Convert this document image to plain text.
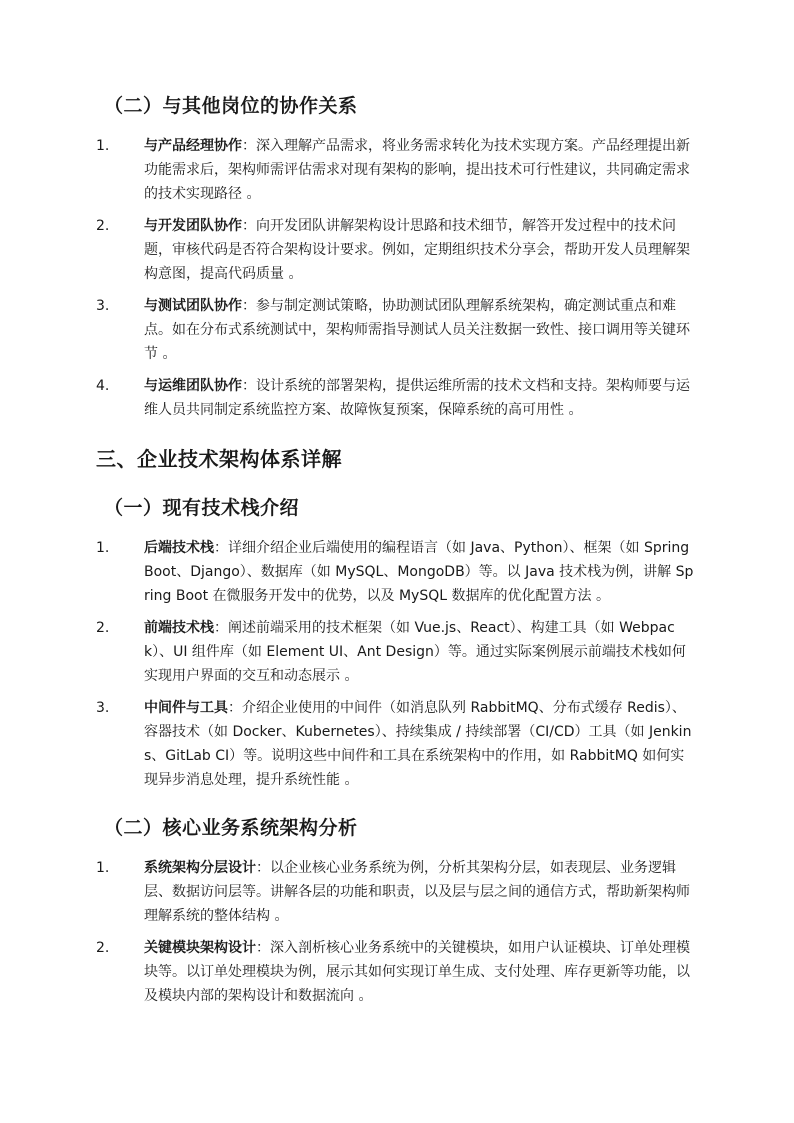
（二）与其他岗位的协作关系
1.	与产品经理协作：深入理解产品需求，将业务需求转化为技术实现方案。产品经理提出新功能需求后，架构师需评估需求对现有架构的影响，提出技术可行性建议，共同确定需求的技术实现路径 。
2.	与开发团队协作：向开发团队讲解架构设计思路和技术细节，解答开发过程中的技术问题，审核代码是否符合架构设计要求。例如，定期组织技术分享会，帮助开发人员理解架构意图，提高代码质量 。
3.	与测试团队协作：参与制定测试策略，协助测试团队理解系统架构，确定测试重点和难点。如在分布式系统测试中，架构师需指导测试人员关注数据一致性、接口调用等关键环节 。
4.	与运维团队协作：设计系统的部署架构，提供运维所需的技术文档和支持。架构师要与运维人员共同制定系统监控方案、故障恢复预案，保障系统的高可用性 。
三、企业技术架构体系详解
（一）现有技术栈介绍
1.	后端技术栈：详细介绍企业后端使用的编程语言（如 Java、Python）、框架（如 Spring Boot、Django）、数据库（如 MySQL、MongoDB）等。以 Java 技术栈为例，讲解 Spring Boot 在微服务开发中的优势，以及 MySQL 数据库的优化配置方法 。
2.	前端技术栈：阐述前端采用的技术框架（如 Vue.js、React）、构建工具（如 Webpack）、UI 组件库（如 Element UI、Ant Design）等。通过实际案例展示前端技术栈如何实现用户界面的交互和动态展示 。
3.	中间件与工具：介绍企业使用的中间件（如消息队列 RabbitMQ、分布式缓存 Redis）、容器技术（如 Docker、Kubernetes）、持续集成 / 持续部署（CI/CD）工具（如 Jenkins、GitLab CI）等。说明这些中间件和工具在系统架构中的作用，如 RabbitMQ 如何实现异步消息处理，提升系统性能 。
（二）核心业务系统架构分析
1.	系统架构分层设计：以企业核心业务系统为例，分析其架构分层，如表现层、业务逻辑层、数据访问层等。讲解各层的功能和职责，以及层与层之间的通信方式，帮助新架构师理解系统的整体结构 。
2.	关键模块架构设计：深入剖析核心业务系统中的关键模块，如用户认证模块、订单处理模块等。以订单处理模块为例，展示其如何实现订单生成、支付处理、库存更新等功能，以及模块内部的架构设计和数据流向 。
